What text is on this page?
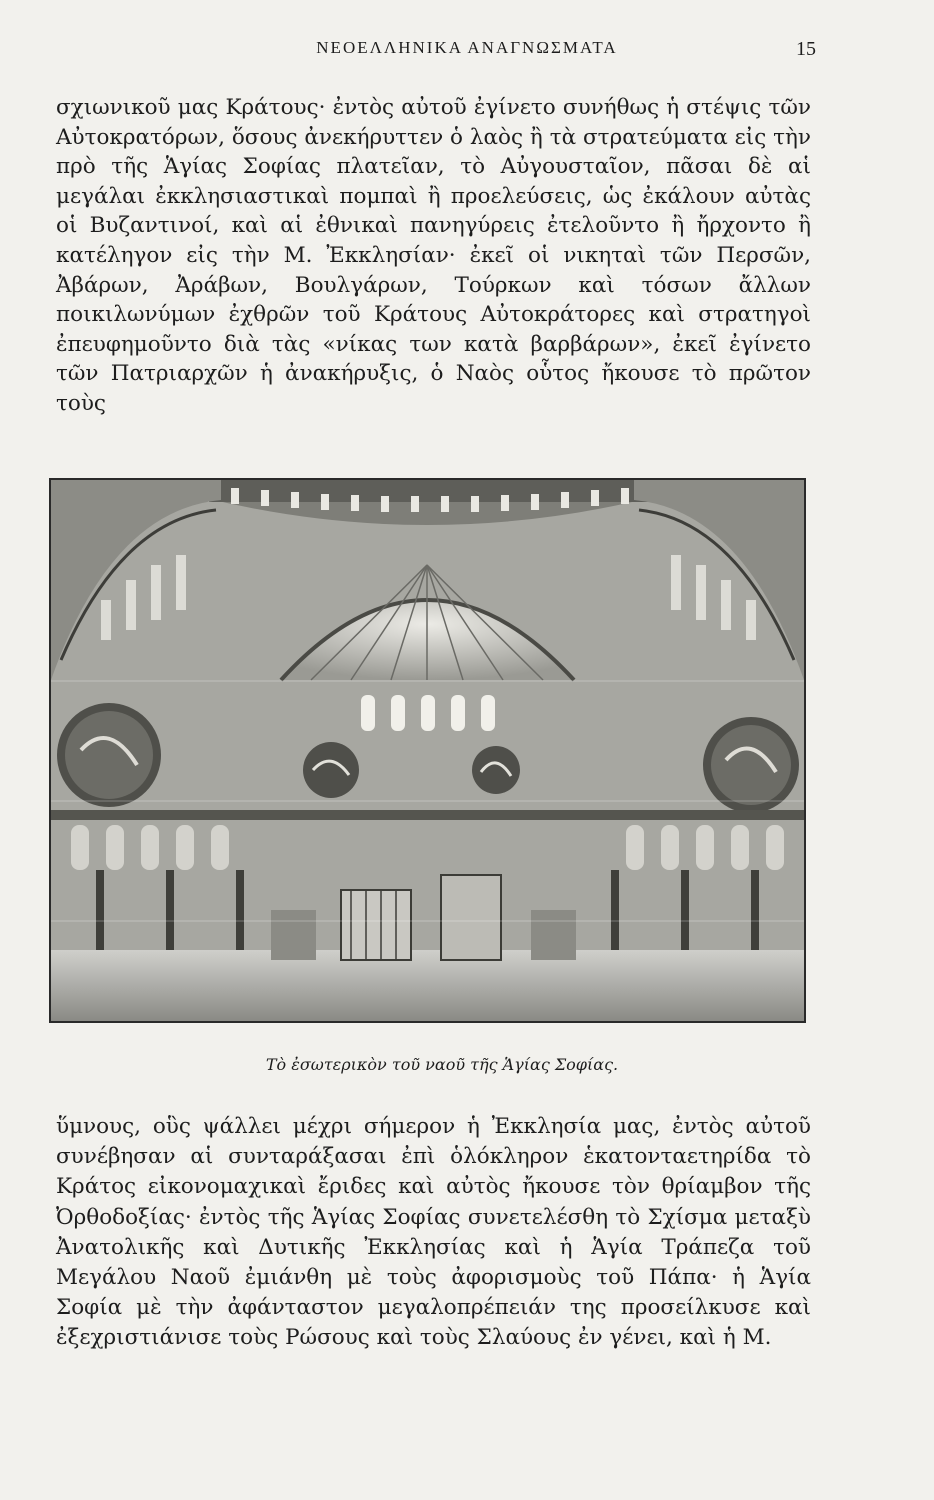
ΝΕΟΕΛΛΗΝΙΚΑ ΑΝΑΓΝΩΣΜΑΤΑ	15
σχιωνικοῦ μας Κράτους· ἐντὸς αὐτοῦ ἐγίνετο συνήθως ἡ στέψις τῶν Αὐτοκρατόρων, ὅσους ἀνεκήρυττεν ὁ λαὸς ἢ τὰ στρατεύματα εἰς τὴν πρὸ τῆς Ἁγίας Σοφίας πλατεῖαν, τὸ Αὐγουσταῖον, πᾶσαι δὲ αἱ μεγάλαι ἐκκλησιαστικαὶ πομπαὶ ἢ προελεύσεις, ὡς ἐκάλουν αὐτὰς οἱ Βυζαντινοί, καὶ αἱ ἐθνικαὶ πανηγύρεις ἐτελοῦντο ἢ ἤρχοντο ἢ κατέληγον εἰς τὴν Μ. Ἐκκλησίαν· ἐκεῖ οἱ νικηταὶ τῶν Περσῶν, Ἀβάρων, Ἀράβων, Βουλγάρων, Τούρκων καὶ τόσων ἄλλων ποικιλωνύμων ἐχθρῶν τοῦ Κράτους Αὐτοκράτορες καὶ στρατηγοὶ ἐπευφημοῦντο διὰ τὰς «νίκας των κατὰ βαρβάρων», ἐκεῖ ἐγίνετο τῶν Πατριαρχῶν ἡ ἀνακήρυξις, ὁ Ναὸς οὗτος ἤκουσε τὸ πρῶτον τοὺς
Τὸ ἐσωτερικὸν τοῦ ναοῦ τῆς Ἁγίας Σοφίας.
ὕμνους, οὓς ψάλλει μέχρι σήμερον ἡ Ἐκκλησία μας, ἐντὸς αὐτοῦ συνέβησαν αἱ συνταράξασαι ἐπὶ ὁλόκληρον ἑκατονταετηρίδα τὸ Κράτος εἰκονομαχικαὶ ἔριδες καὶ αὐτὸς ἤκουσε τὸν θρίαμβον τῆς Ὀρθοδοξίας· ἐντὸς τῆς Ἁγίας Σοφίας συνετελέσθη τὸ Σχίσμα μεταξὺ Ἀνατολικῆς καὶ Δυτικῆς Ἐκκλησίας καὶ ἡ Ἁγία Τράπεζα τοῦ Μεγάλου Ναοῦ ἐμιάνθη μὲ τοὺς ἀφορισμοὺς τοῦ Πάπα· ἡ Ἁγία Σοφία μὲ τὴν ἀφάνταστον μεγαλοπρέπειάν της προσείλκυσε καὶ ἐξεχριστιάνισε τοὺς Ρώσους καὶ τοὺς Σλαύους ἐν γένει, καὶ ἡ Μ.
